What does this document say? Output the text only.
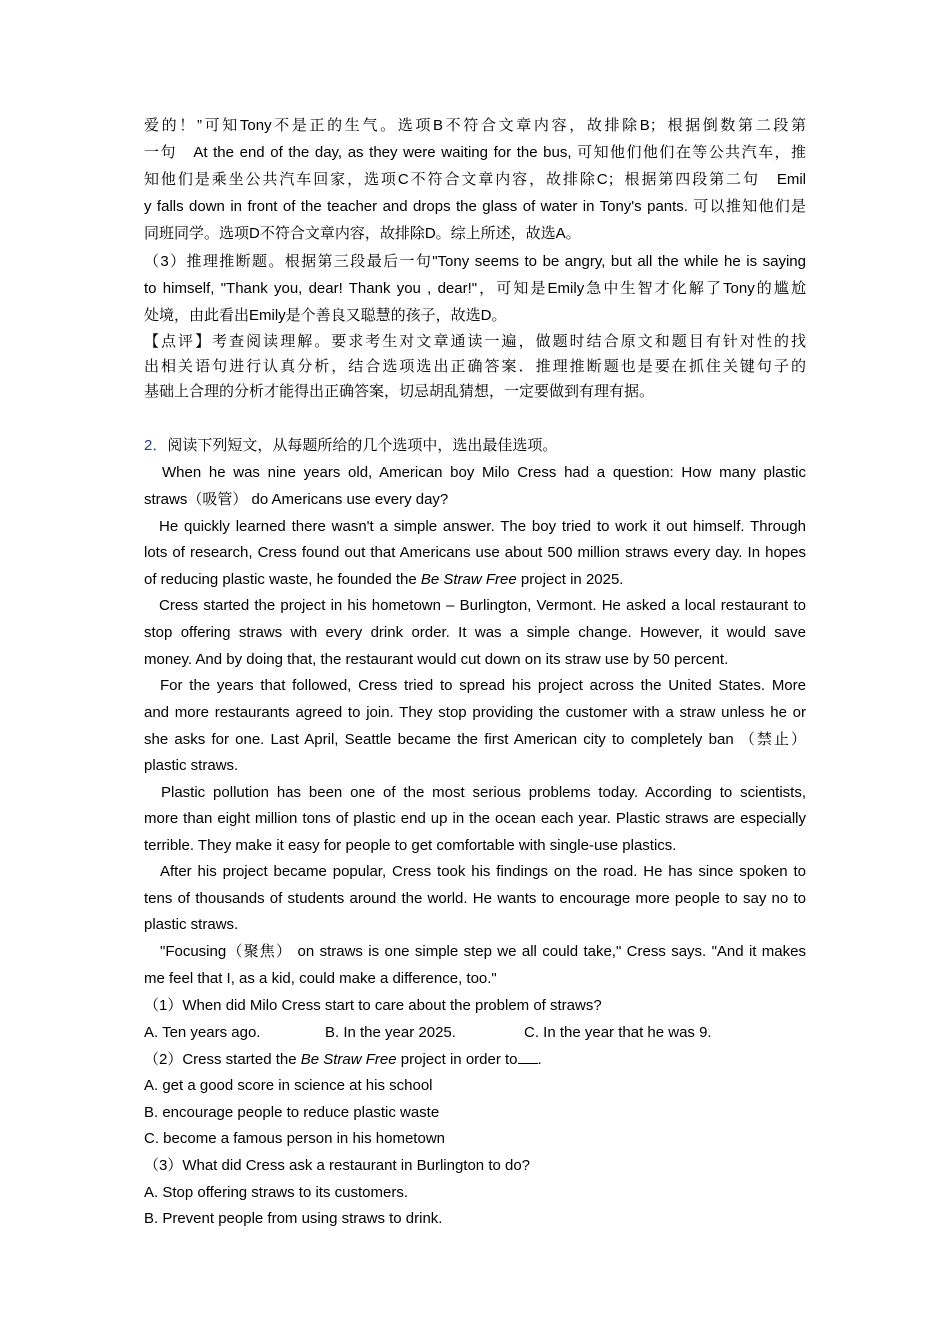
爱的！”可知Tony不是正的生气。选项B不符合文章内容，故排除B；根据倒数第二段第
一句　At the end of the day, as they were waiting for the bus, 可知他们他们在等公共汽车，推
知他们是乘坐公共汽车回家，选项C不符合文章内容，故排除C；根据第四段第二句　Emil
y falls down in front of the teacher and drops the glass of water in Tony's pants. 可以推知他们是
同班同学。选项D不符合文章内容，故排除D。综上所述，故选A。
（3）推理推断题。根据第三段最后一句"Tony seems to be angry, but all the while he is saying
to himself, "Thank you, dear! Thank you , dear!"，可知是Emily急中生智才化解了Tony的尴尬
处境，由此看出Emily是个善良又聪慧的孩子，故选D。
【点评】考查阅读理解。要求考生对文章通读一遍，做题时结合原文和题目有针对性的找
出相关语句进行认真分析，结合选项选出正确答案．推理推断题也是要在抓住关键句子的
基础上合理的分析才能得出正确答案，切忌胡乱猜想，一定要做到有理有据。
2．阅读下列短文，从每题所给的几个选项中，选出最佳选项。
When he was nine years old, American boy Milo Cress had a question: How many plastic
straws（吸管） do Americans use every day?
He quickly learned there wasn't a simple answer. The boy tried to work it out himself. Through
lots of research, Cress found out that Americans use about 500 million straws every day. In hopes
of reducing plastic waste, he founded the Be Straw Free project in 2025.
Cress started the project in his hometown – Burlington, Vermont. He asked a local restaurant to
stop offering straws with every drink order. It was a simple change. However, it would save
money. And by doing that, the restaurant would cut down on its straw use by 50 percent.
For the years that followed, Cress tried to spread his project across the United States. More
and more restaurants agreed to join. They stop providing the customer with a straw unless he or
she asks for one. Last April, Seattle became the first American city to completely ban （禁止）
plastic straws.
Plastic pollution has been one of the most serious problems today. According to scientists,
more than eight million tons of plastic end up in the ocean each year. Plastic straws are especially
terrible. They make it easy for people to get comfortable with single-use plastics.
After his project became popular, Cress took his findings on the road. He has since spoken to
tens of thousands of students around the world. He wants to encourage more people to say no to
plastic straws.
"Focusing（聚焦） on straws is one simple step we all could take," Cress says. "And it makes
me feel that I, as a kid, could make a difference, too."
（1）When did Milo Cress start to care about the problem of straws?
A. Ten years ago.	B. In the year 2025.	C. In the year that he was 9.
（2）Cress started the Be Straw Free project in order to .
A. get a good score in science at his school
B. encourage people to reduce plastic waste
C. become a famous person in his hometown
（3）What did Cress ask a restaurant in Burlington to do?
A. Stop offering straws to its customers.
B. Prevent people from using straws to drink.
